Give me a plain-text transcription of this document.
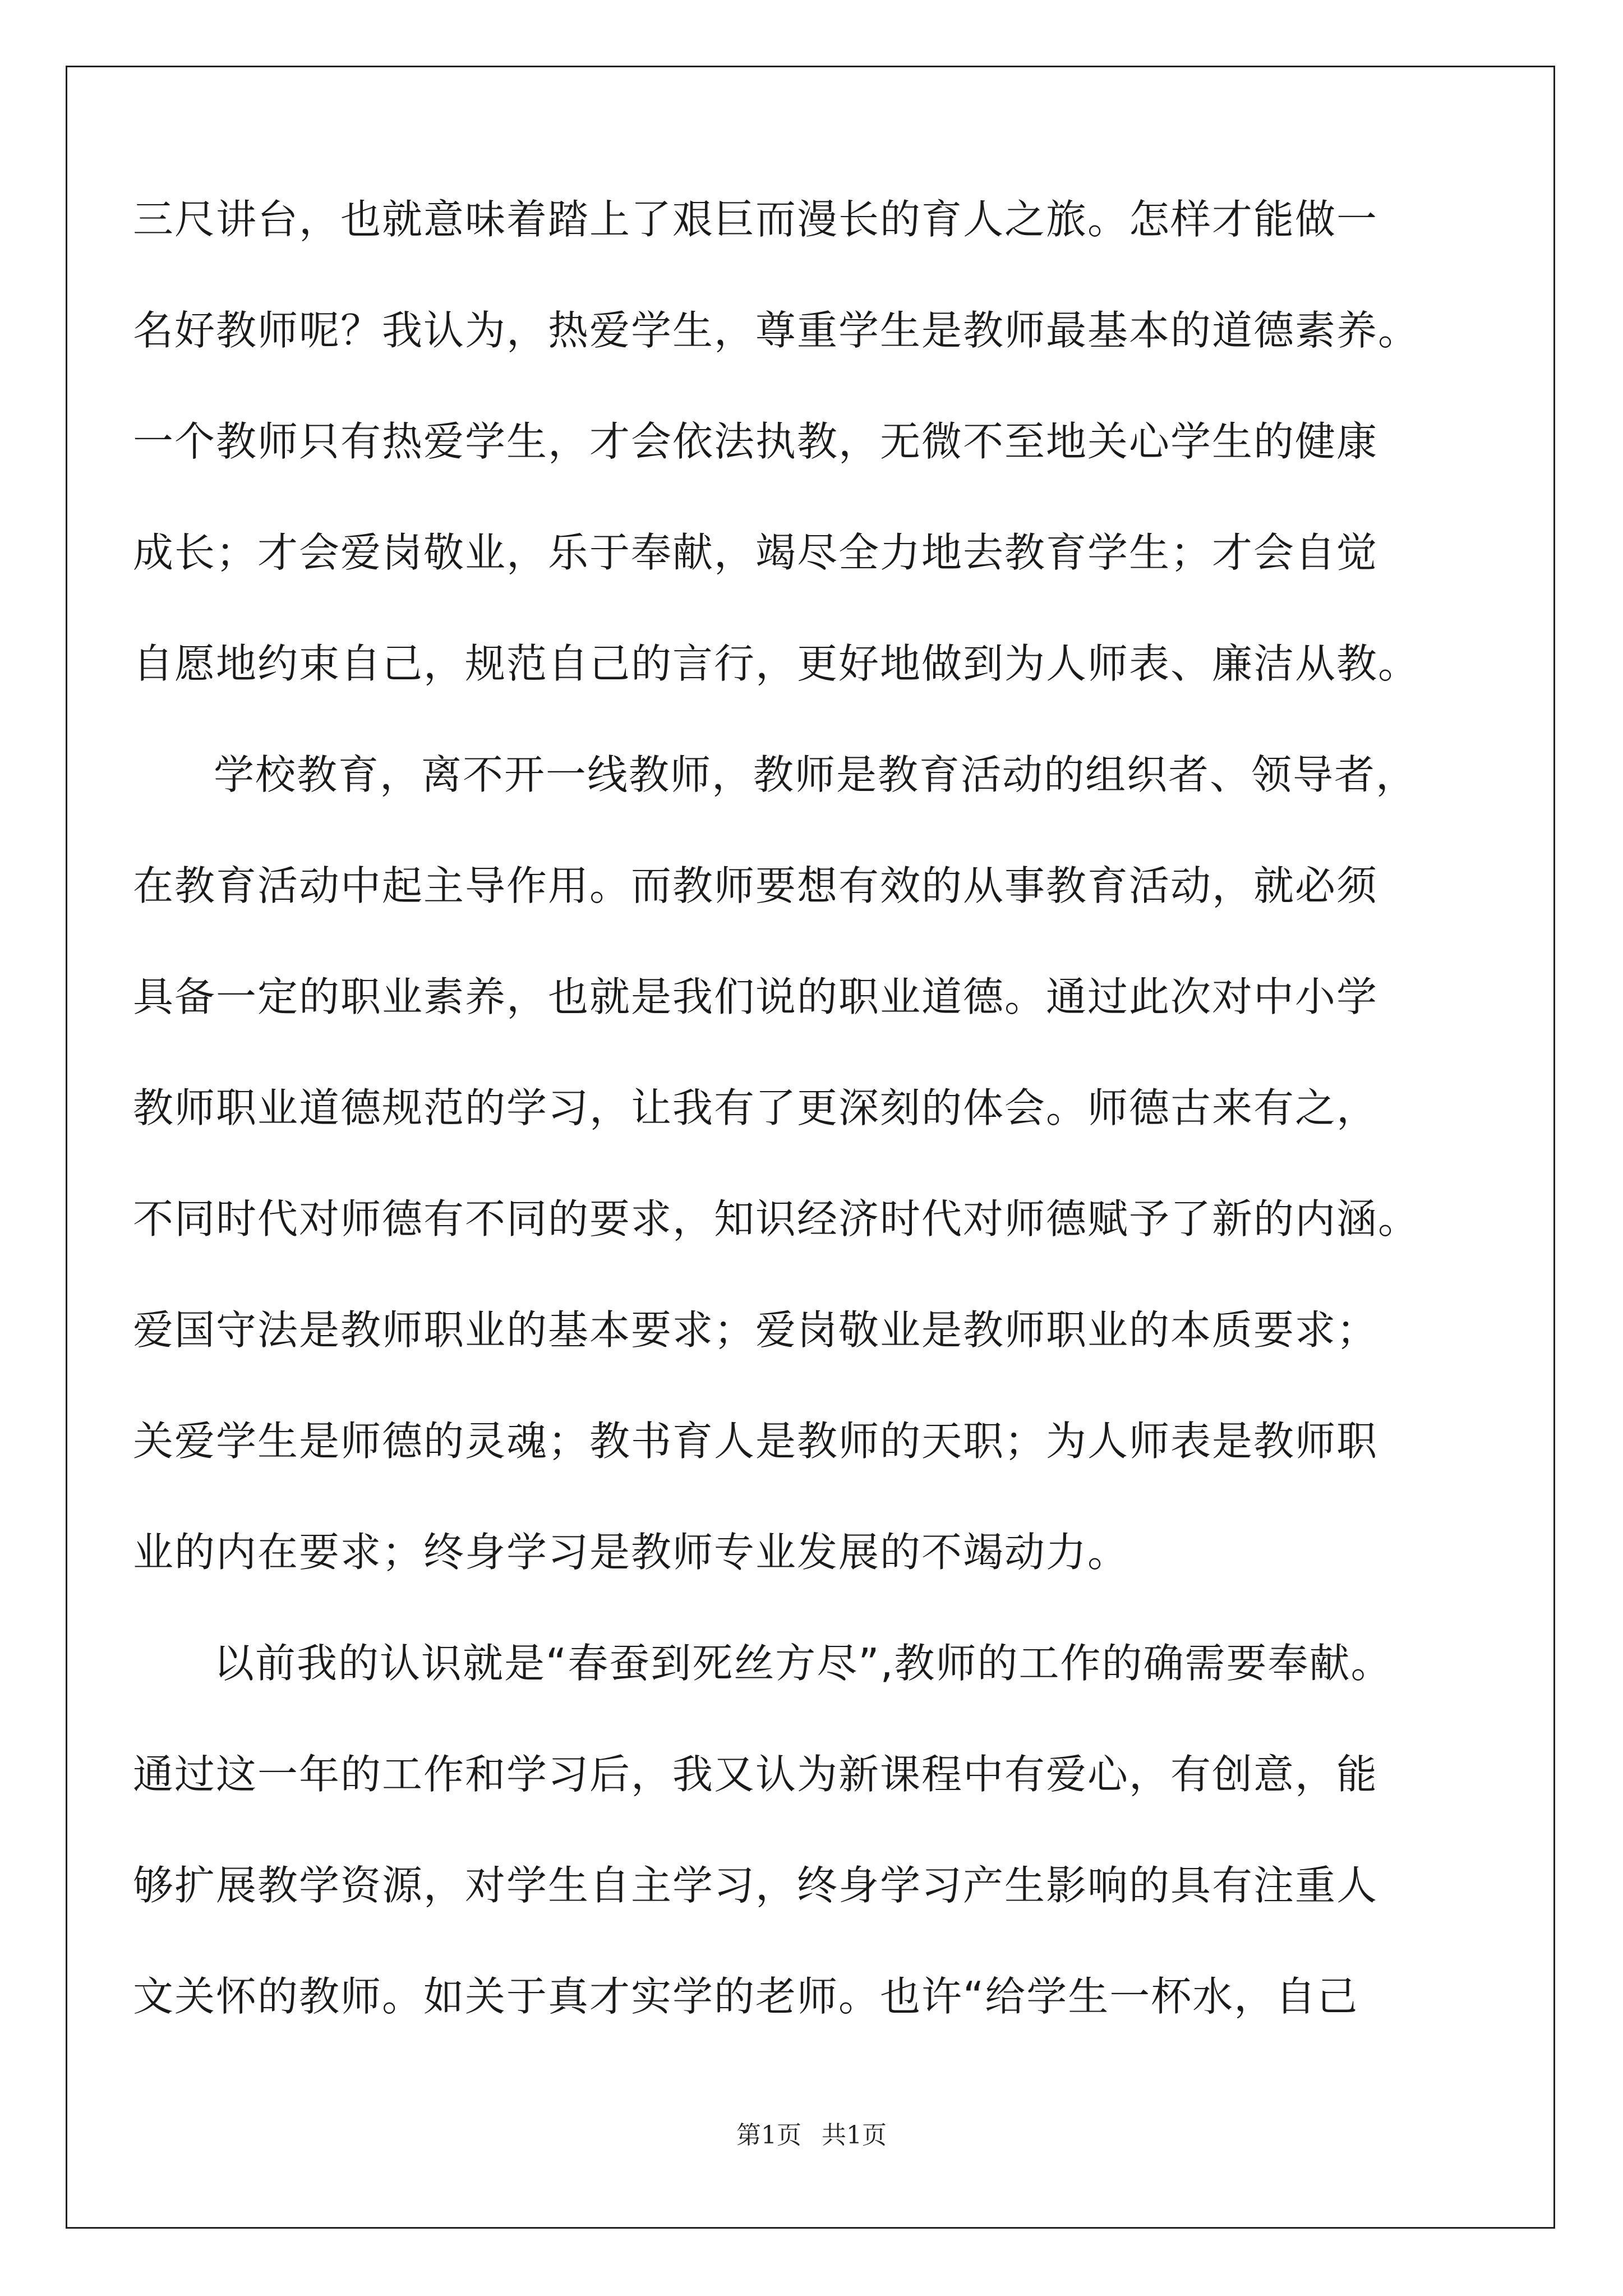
三尺讲台，也就意味着踏上了艰巨而漫长的育人之旅。怎样才能做一
名好教师呢？我认为，热爱学生，尊重学生是教师最基本的道德素养。
一个教师只有热爱学生，才会依法执教，无微不至地关心学生的健康
成长；才会爱岗敬业，乐于奉献，竭尽全力地去教育学生；才会自觉
自愿地约束自己，规范自己的言行，更好地做到为人师表、廉洁从教。
学校教育，离不开一线教师，教师是教育活动的组织者、领导者，
在教育活动中起主导作用。而教师要想有效的从事教育活动，就必须
具备一定的职业素养，也就是我们说的职业道德。通过此次对中小学
教师职业道德规范的学习，让我有了更深刻的体会。师德古来有之，
不同时代对师德有不同的要求，知识经济时代对师德赋予了新的内涵。
爱国守法是教师职业的基本要求；爱岗敬业是教师职业的本质要求；
关爱学生是师德的灵魂；教书育人是教师的天职；为人师表是教师职
业的内在要求；终身学习是教师专业发展的不竭动力。
以前我的认识就是“春蚕到死丝方尽”,教师的工作的确需要奉献。
通过这一年的工作和学习后，我又认为新课程中有爱心，有创意，能
够扩展教学资源，对学生自主学习，终身学习产生影响的具有注重人
文关怀的教师。如关于真才实学的老师。也许“给学生一杯水，自己
第1页 共1页
